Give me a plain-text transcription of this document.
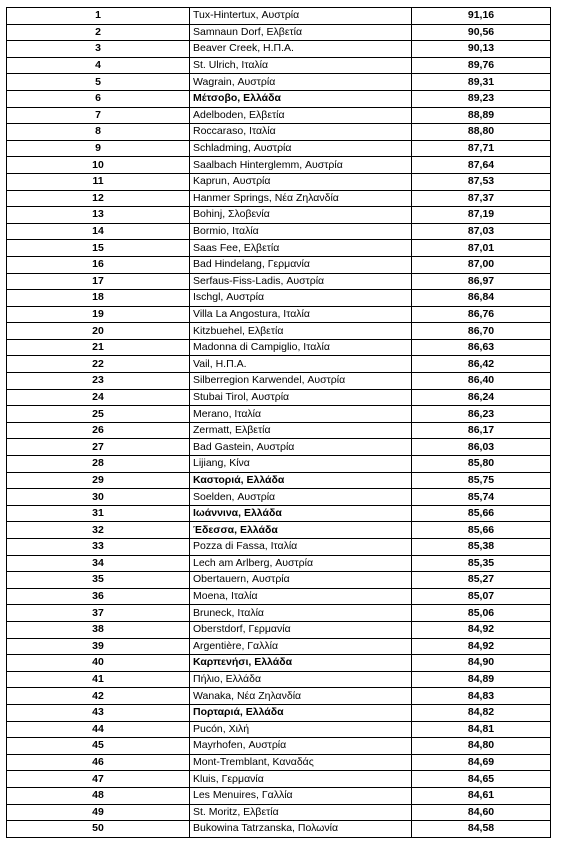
1	Tux-Hintertux, Αυστρία	91,16
2	Samnaun Dorf, Ελβετία	90,56
3	Beaver Creek, Η.Π.Α.	90,13
4	St. Ulrich, Ιταλία	89,76
5	Wagrain, Αυστρία	89,31
6	Μέτσοβο, Ελλάδα	89,23
7	Adelboden, Ελβετία	88,89
8	Roccaraso, Ιταλία	88,80
9	Schladming, Αυστρία	87,71
10	Saalbach Hinterglemm, Αυστρία	87,64
11	Kaprun, Αυστρία	87,53
12	Hanmer Springs, Νέα Ζηλανδία	87,37
13	Bohinj, Σλοβενία	87,19
14	Bormio, Ιταλία	87,03
15	Saas Fee, Ελβετία	87,01
16	Bad Hindelang, Γερμανία	87,00
17	Serfaus-Fiss-Ladis, Αυστρία	86,97
18	Ischgl, Αυστρία	86,84
19	Villa La Angostura, Ιταλία	86,76
20	Kitzbuehel, Ελβετία	86,70
21	Madonna di Campiglio, Ιταλία	86,63
22	Vail, Η.Π.Α.	86,42
23	Silberregion Karwendel, Αυστρία	86,40
24	Stubai Tirol, Αυστρία	86,24
25	Merano, Ιταλία	86,23
26	Zermatt, Ελβετία	86,17
27	Bad Gastein, Αυστρία	86,03
28	Lijiang, Κίνα	85,80
29	Καστοριά, Ελλάδα	85,75
30	Soelden, Αυστρία	85,74
31	Ιωάννινα, Ελλάδα	85,66
32	Έδεσσα, Ελλάδα	85,66
33	Pozza di Fassa, Ιταλία	85,38
34	Lech am Arlberg, Αυστρία	85,35
35	Obertauern, Αυστρία	85,27
36	Moena, Ιταλία	85,07
37	Bruneck, Ιταλία	85,06
38	Oberstdorf, Γερμανία	84,92
39	Argentière, Γαλλία	84,92
40	Καρπενήσι, Ελλάδα	84,90
41	Πήλιο, Ελλάδα	84,89
42	Wanaka, Νέα Ζηλανδία	84,83
43	Πορταριά, Ελλάδα	84,82
44	Pucón, Χιλή	84,81
45	Mayrhofen, Αυστρία	84,80
46	Mont-Tremblant, Καναδάς	84,69
47	Kluis, Γερμανία	84,65
48	Les Menuires, Γαλλία	84,61
49	St. Moritz, Ελβετία	84,60
50	Bukowina Tatrzanska, Πολωνία	84,58
